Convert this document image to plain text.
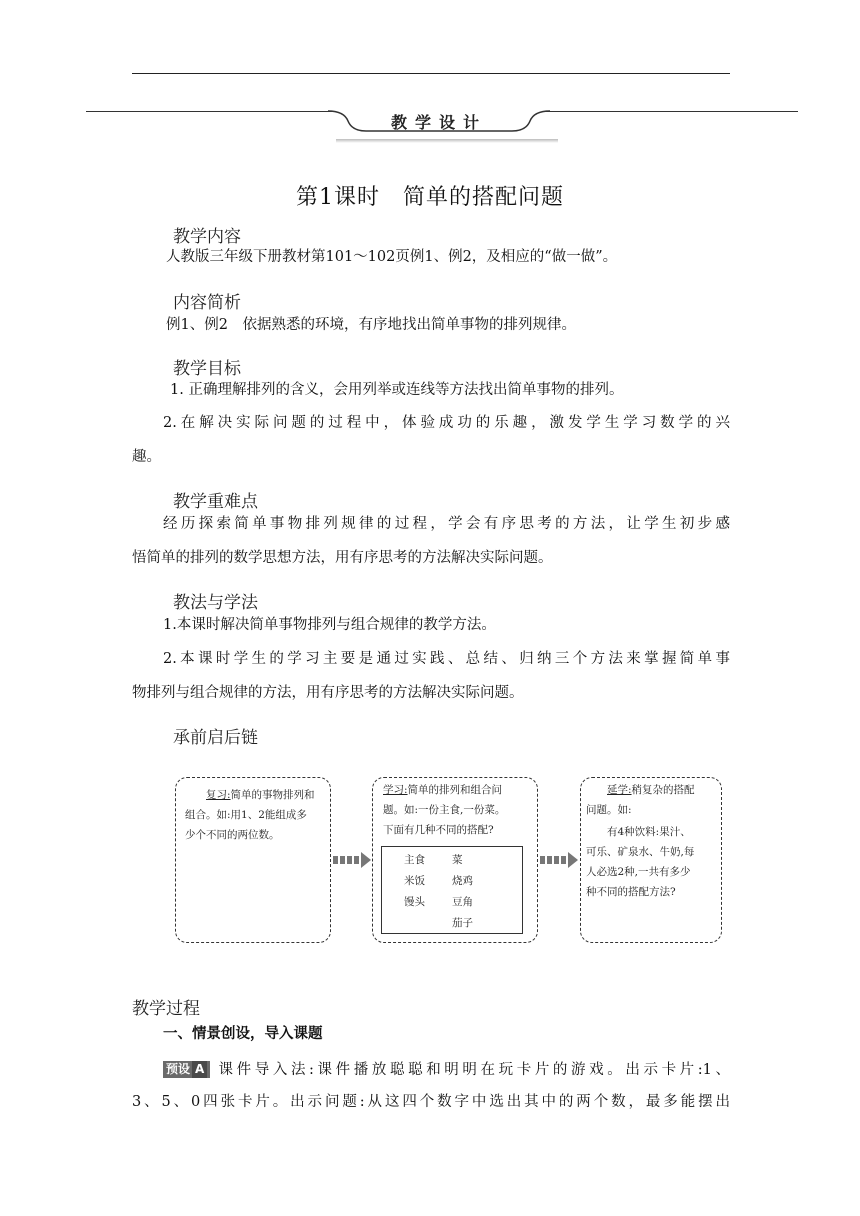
教学设计
第1课时　简单的搭配问题
教学内容
人教版三年级下册教材第101～102页例1、例2，及相应的“做一做”。
内容简析
例1、例2　依据熟悉的环境，有序地找出简单事物的排列规律。
教学目标
1. 正确理解排列的含义，会用列举或连线等方法找出简单事物的排列。
2.在解决实际问题的过程中，体验成功的乐趣，激发学生学习数学的兴
趣。
教学重难点
经历探索简单事物排列规律的过程，学会有序思考的方法，让学生初步感
悟简单的排列的数学思想方法，用有序思考的方法解决实际问题。
教法与学法
1.本课时解决简单事物排列与组合规律的教学方法。
2.本课时学生的学习主要是通过实践、总结、归纳三个方法来掌握简单事
物排列与组合规律的方法，用有序思考的方法解决实际问题。
承前启后链
复习:简单的事物排列和
组合。如:用1、2能组成多
少个不同的两位数。
学习:简单的排列和组合问
题。如:一份主食,一份菜。
下面有几种不同的搭配?
主食	菜
米饭
馒头
烧鸡
豆角
茄子
延学:稍复杂的搭配
问题。如:
有4种饮料:果汁、
可乐、矿泉水、牛奶,每
人必选2种,一共有多少
种不同的搭配方法?
教学过程
一、情景创设，导入课题
预设 A 课件导入法:课件播放聪聪和明明在玩卡片的游戏。出示卡片:1、
3、5、0四张卡片。出示问题:从这四个数字中选出其中的两个数，最多能摆出
